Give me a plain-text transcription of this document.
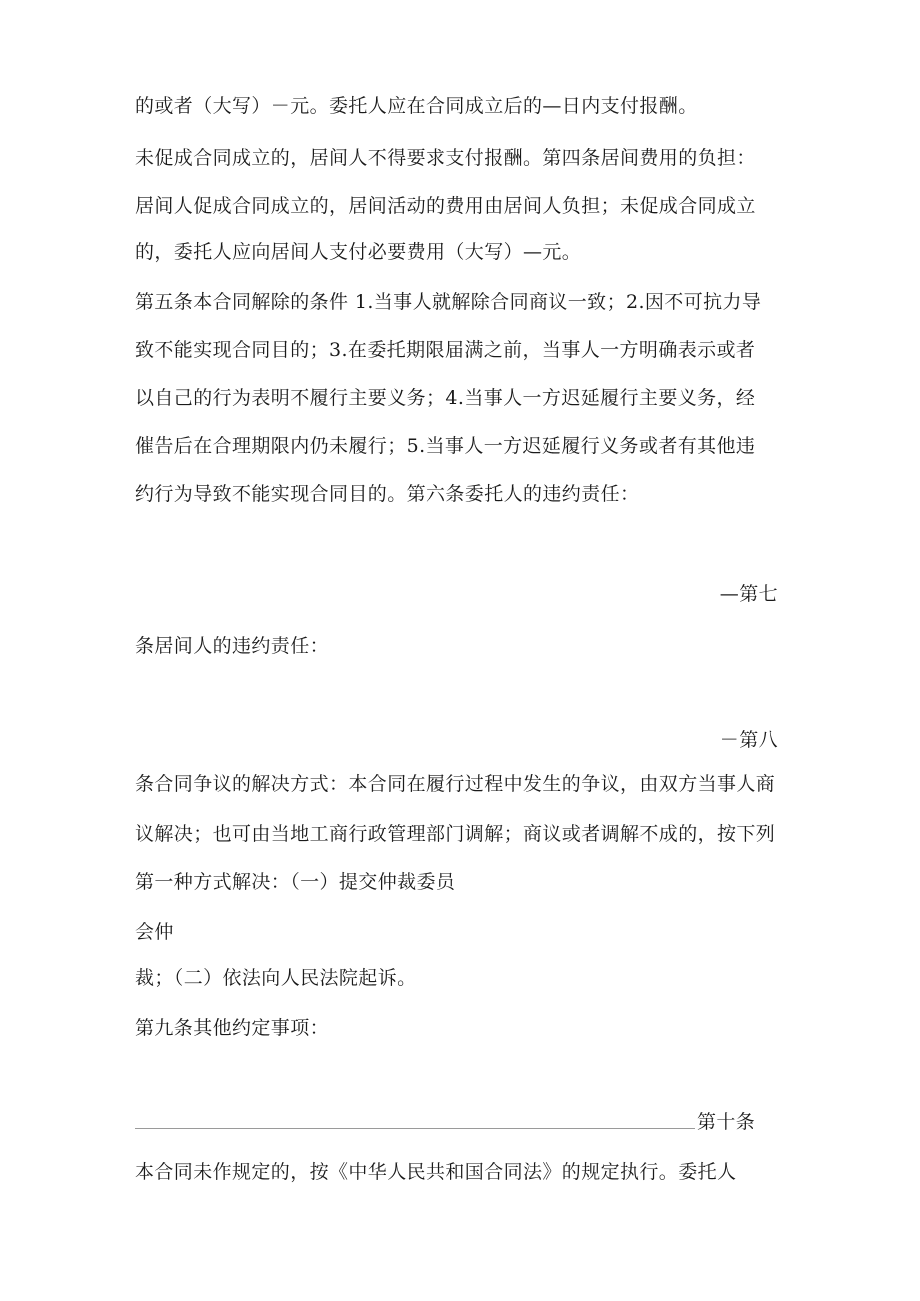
的或者（大写）－元。委托人应在合同成立后的—日内支付报酬。
未促成合同成立的，居间人不得要求支付报酬。第四条居间费用的负担：
居间人促成合同成立的，居间活动的费用由居间人负担；未促成合同成立
的，委托人应向居间人支付必要费用（大写）—元。
第五条本合同解除的条件 1.当事人就解除合同商议一致；2.因不可抗力导
致不能实现合同目的；3.在委托期限届满之前，当事人一方明确表示或者
以自己的行为表明不履行主要义务；4.当事人一方迟延履行主要义务，经
催告后在合理期限内仍未履行；5.当事人一方迟延履行义务或者有其他违
约行为导致不能实现合同目的。第六条委托人的违约责任：
—第七
条居间人的违约责任：
－第八
条合同争议的解决方式：本合同在履行过程中发生的争议，由双方当事人商
议解决；也可由当地工商行政管理部门调解；商议或者调解不成的，按下列
第一种方式解决：（一）提交仲裁委员
会仲
裁；（二）依法向人民法院起诉。
第九条其他约定事项：
第十条
本合同未作规定的，按《中华人民共和国合同法》的规定执行。委托人
